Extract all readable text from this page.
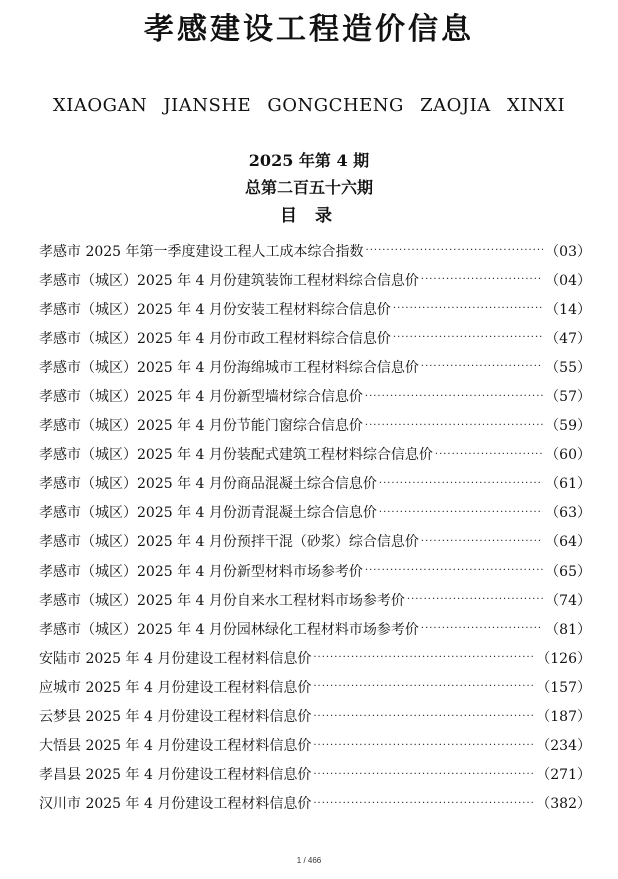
孝感建设工程造价信息
XIAOGAN JIANSHE GONGCHENG ZAOJIA XINXI
2025 年第 4 期
总第二百五十六期
目 录
孝感市 2025 年第一季度建设工程人工成本综合指数 ·····	（03）
孝感市（城区）2025 年 4 月份建筑装饰工程材料综合信息价 ·····	（04）
孝感市（城区）2025 年 4 月份安装工程材料综合信息价 ·····	（14）
孝感市（城区）2025 年 4 月份市政工程材料综合信息价 ·····	（47）
孝感市（城区）2025 年 4 月份海绵城市工程材料综合信息价 ·····	（55）
孝感市（城区）2025 年 4 月份新型墙材综合信息价 ·····	（57）
孝感市（城区）2025 年 4 月份节能门窗综合信息价 ·····	（59）
孝感市（城区）2025 年 4 月份装配式建筑工程材料综合信息价 ·····	（60）
孝感市（城区）2025 年 4 月份商品混凝土综合信息价 ·····	（61）
孝感市（城区）2025 年 4 月份沥青混凝土综合信息价 ·····	（63）
孝感市（城区）2025 年 4 月份预拌干混（砂浆）综合信息价 ·····	（64）
孝感市（城区）2025 年 4 月份新型材料市场参考价 ·····	（65）
孝感市（城区）2025 年 4 月份自来水工程材料市场参考价 ·····	（74）
孝感市（城区）2025 年 4 月份园林绿化工程材料市场参考价 ·····	（81）
安陆市 2025 年 4 月份建设工程材料信息价 ·····	（126）
应城市 2025 年 4 月份建设工程材料信息价 ·····	（157）
云梦县 2025 年 4 月份建设工程材料信息价 ·····	（187）
大悟县 2025 年 4 月份建设工程材料信息价 ·····	（234）
孝昌县 2025 年 4 月份建设工程材料信息价 ·····	（271）
汉川市 2025 年 4 月份建设工程材料信息价 ·····	（382）
1 / 466
